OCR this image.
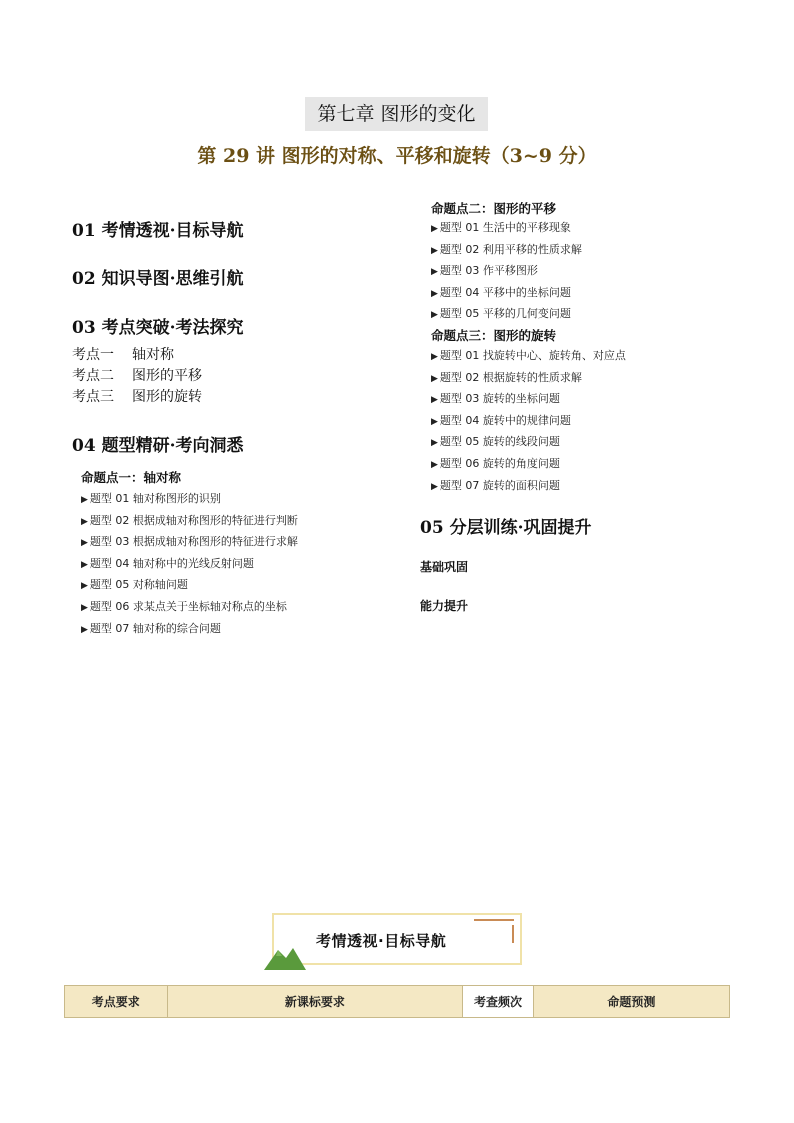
第七章 图形的变化
第 29 讲 图形的对称、平移和旋转（3~9 分）
01 考情透视·目标导航
02 知识导图·思维引航
03 考点突破·考法探究
考点一 轴对称
考点二 图形的平移
考点三 图形的旋转
04 题型精研·考向洞悉
命题点一：轴对称
▶ 题型 01 轴对称图形的识别
▶ 题型 02 根据成轴对称图形的特征进行判断
▶ 题型 03 根据成轴对称图形的特征进行求解
▶ 题型 04 轴对称中的光线反射问题
▶ 题型 05 对称轴问题
▶ 题型 06 求某点关于坐标轴对称点的坐标
▶ 题型 07 轴对称的综合问题
命题点二：图形的平移
▶ 题型 01 生活中的平移现象
▶ 题型 02 利用平移的性质求解
▶ 题型 03 作平移图形
▶ 题型 04 平移中的坐标问题
▶ 题型 05 平移的几何变问题
命题点三：图形的旋转
▶ 题型 01 找旋转中心、旋转角、对应点
▶ 题型 02 根据旋转的性质求解
▶ 题型 03 旋转的坐标问题
▶ 题型 04 旋转中的规律问题
▶ 题型 05 旋转的线段问题
▶ 题型 06 旋转的角度问题
▶ 题型 07 旋转的面积问题
05 分层训练·巩固提升
基础巩固
能力提升
考情透视·目标导航
考点要求	新课标要求	考查频次	命题预测
